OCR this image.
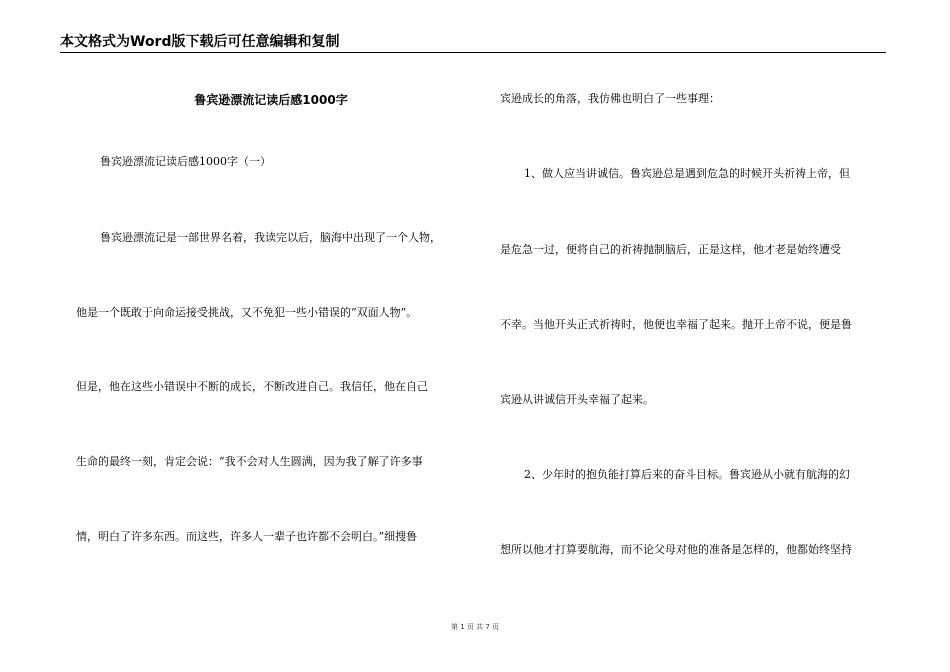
本文格式为Word版下载后可任意编辑和复制
鲁宾逊漂流记读后感1000字
鲁宾逊漂流记读后感1000字（一）
鲁宾逊漂流记是一部世界名着，我读完以后，脑海中出现了一个人物，
他是一个既敢于向命运接受挑战，又不免犯一些小错误的“双面人物”。
但是，他在这些小错误中不断的成长，不断改进自己。我信任，他在自己
生命的最终一刻，肯定会说：“我不会对人生圆满，因为我了解了许多事
情，明白了许多东西。而这些，许多人一辈子也许都不会明白。”细搜鲁
宾逊成长的角落，我仿佛也明白了一些事理：
1、做人应当讲诚信。鲁宾逊总是遇到危急的时候开头祈祷上帝，但
是危急一过，便将自己的祈祷抛制脑后，正是这样，他才老是始终遭受
不幸。当他开头正式祈祷时，他便也幸福了起来。抛开上帝不说，便是鲁
宾逊从讲诚信开头幸福了起来。
2、少年时的抱负能打算后来的奋斗目标。鲁宾逊从小就有航海的幻
想所以他才打算要航海，而不论父母对他的准备是怎样的，他都始终坚持
第 1 页 共 7 页
